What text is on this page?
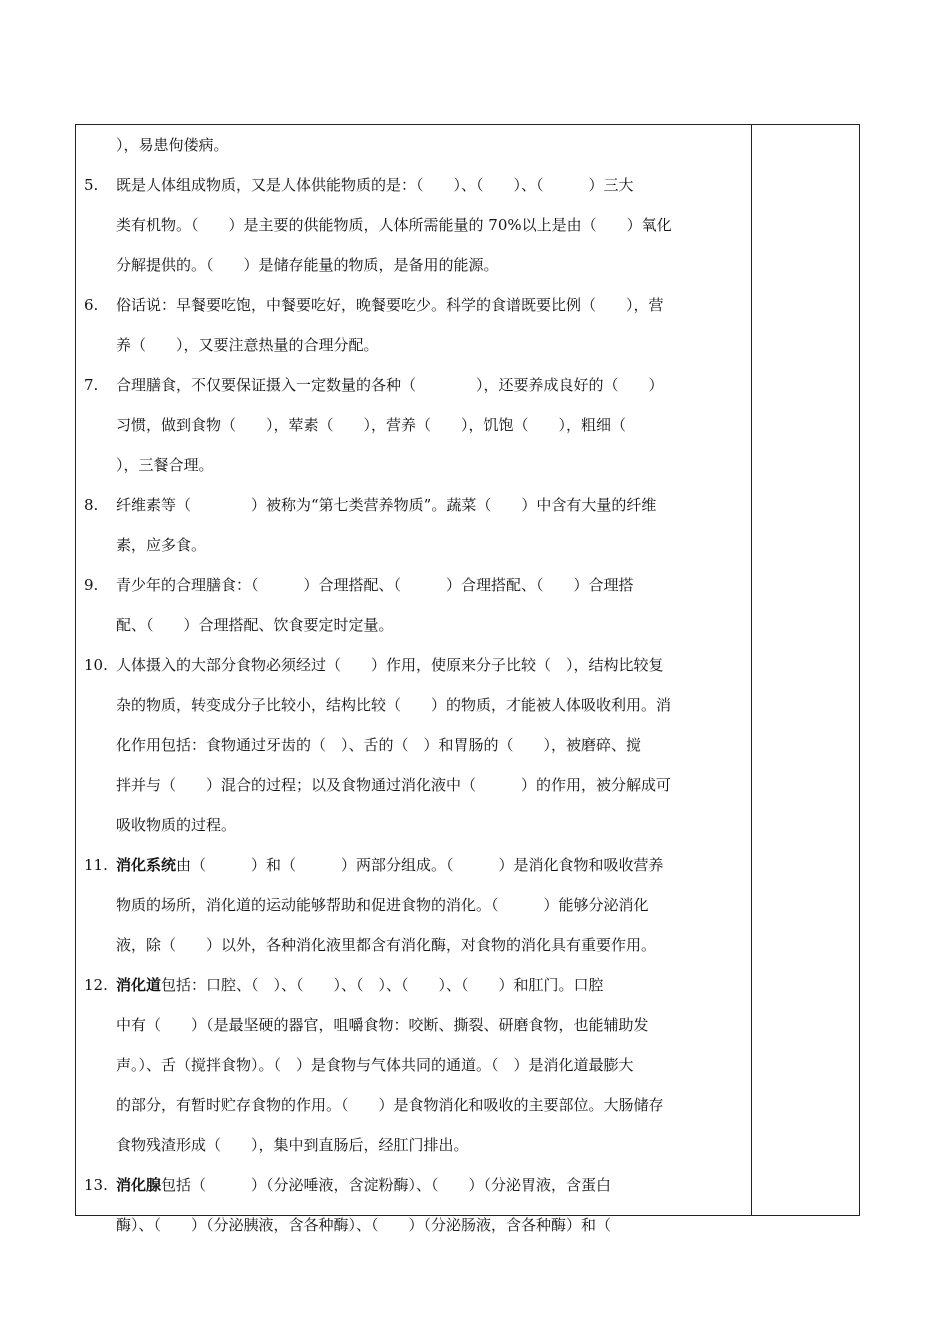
），易患佝偻病。
5.	既是人体组成物质，又是人体供能物质的是：（　　）、（　　）、（　　　）三大
类有机物。（　　）是主要的供能物质，人体所需能量的 70%以上是由（　　）氧化
分解提供的。（　　）是储存能量的物质，是备用的能源。
6.	俗话说：早餐要吃饱，中餐要吃好，晚餐要吃少。科学的食谱既要比例（　　），营
养（　　），又要注意热量的合理分配。
7.	合理膳食，不仅要保证摄入一定数量的各种（　　　　），还要养成良好的（　　）
习惯，做到食物（　　），荤素（　　），营养（　　），饥饱（　　），粗细（
），三餐合理。
8.	纤维素等（　　　　）被称为“第七类营养物质”。蔬菜（　　）中含有大量的纤维
素，应多食。
9.	青少年的合理膳食：（　　　）合理搭配、（　　　）合理搭配、（　　）合理搭
配、（　　）合理搭配、饮食要定时定量。
10. 人体摄入的大部分食物必须经过（　　）作用，使原来分子比较（　），结构比较复
杂的物质，转变成分子比较小，结构比较（　　）的物质，才能被人体吸收利用。消
化作用包括：食物通过牙齿的（　）、舌的（　）和胃肠的（　　），被磨碎、搅
拌并与（　　）混合的过程；以及食物通过消化液中（　　　）的作用，被分解成可
吸收物质的过程。
11. 消化系统由（　　　）和（　　　）两部分组成。（　　　）是消化食物和吸收营养
物质的场所，消化道的运动能够帮助和促进食物的消化。（　　　）能够分泌消化
液，除（　　）以外，各种消化液里都含有消化酶，对食物的消化具有重要作用。
12. 消化道包括：口腔、（　）、（　　）、（　）、（　　）、（　　）和肛门。口腔
中有（　　）（是最坚硬的器官，咀嚼食物：咬断、撕裂、研磨食物，也能辅助发
声。）、舌（搅拌食物）。（　）是食物与气体共同的通道。（　）是消化道最膨大
的部分，有暂时贮存食物的作用。（　　）是食物消化和吸收的主要部位。大肠储存
食物残渣形成（　　），集中到直肠后，经肛门排出。
13. 消化腺包括（　　　）（分泌唾液，含淀粉酶）、（　　）（分泌胃液，含蛋白
酶）、（　　）（分泌胰液，含各种酶）、（　　）（分泌肠液，含各种酶）和（
